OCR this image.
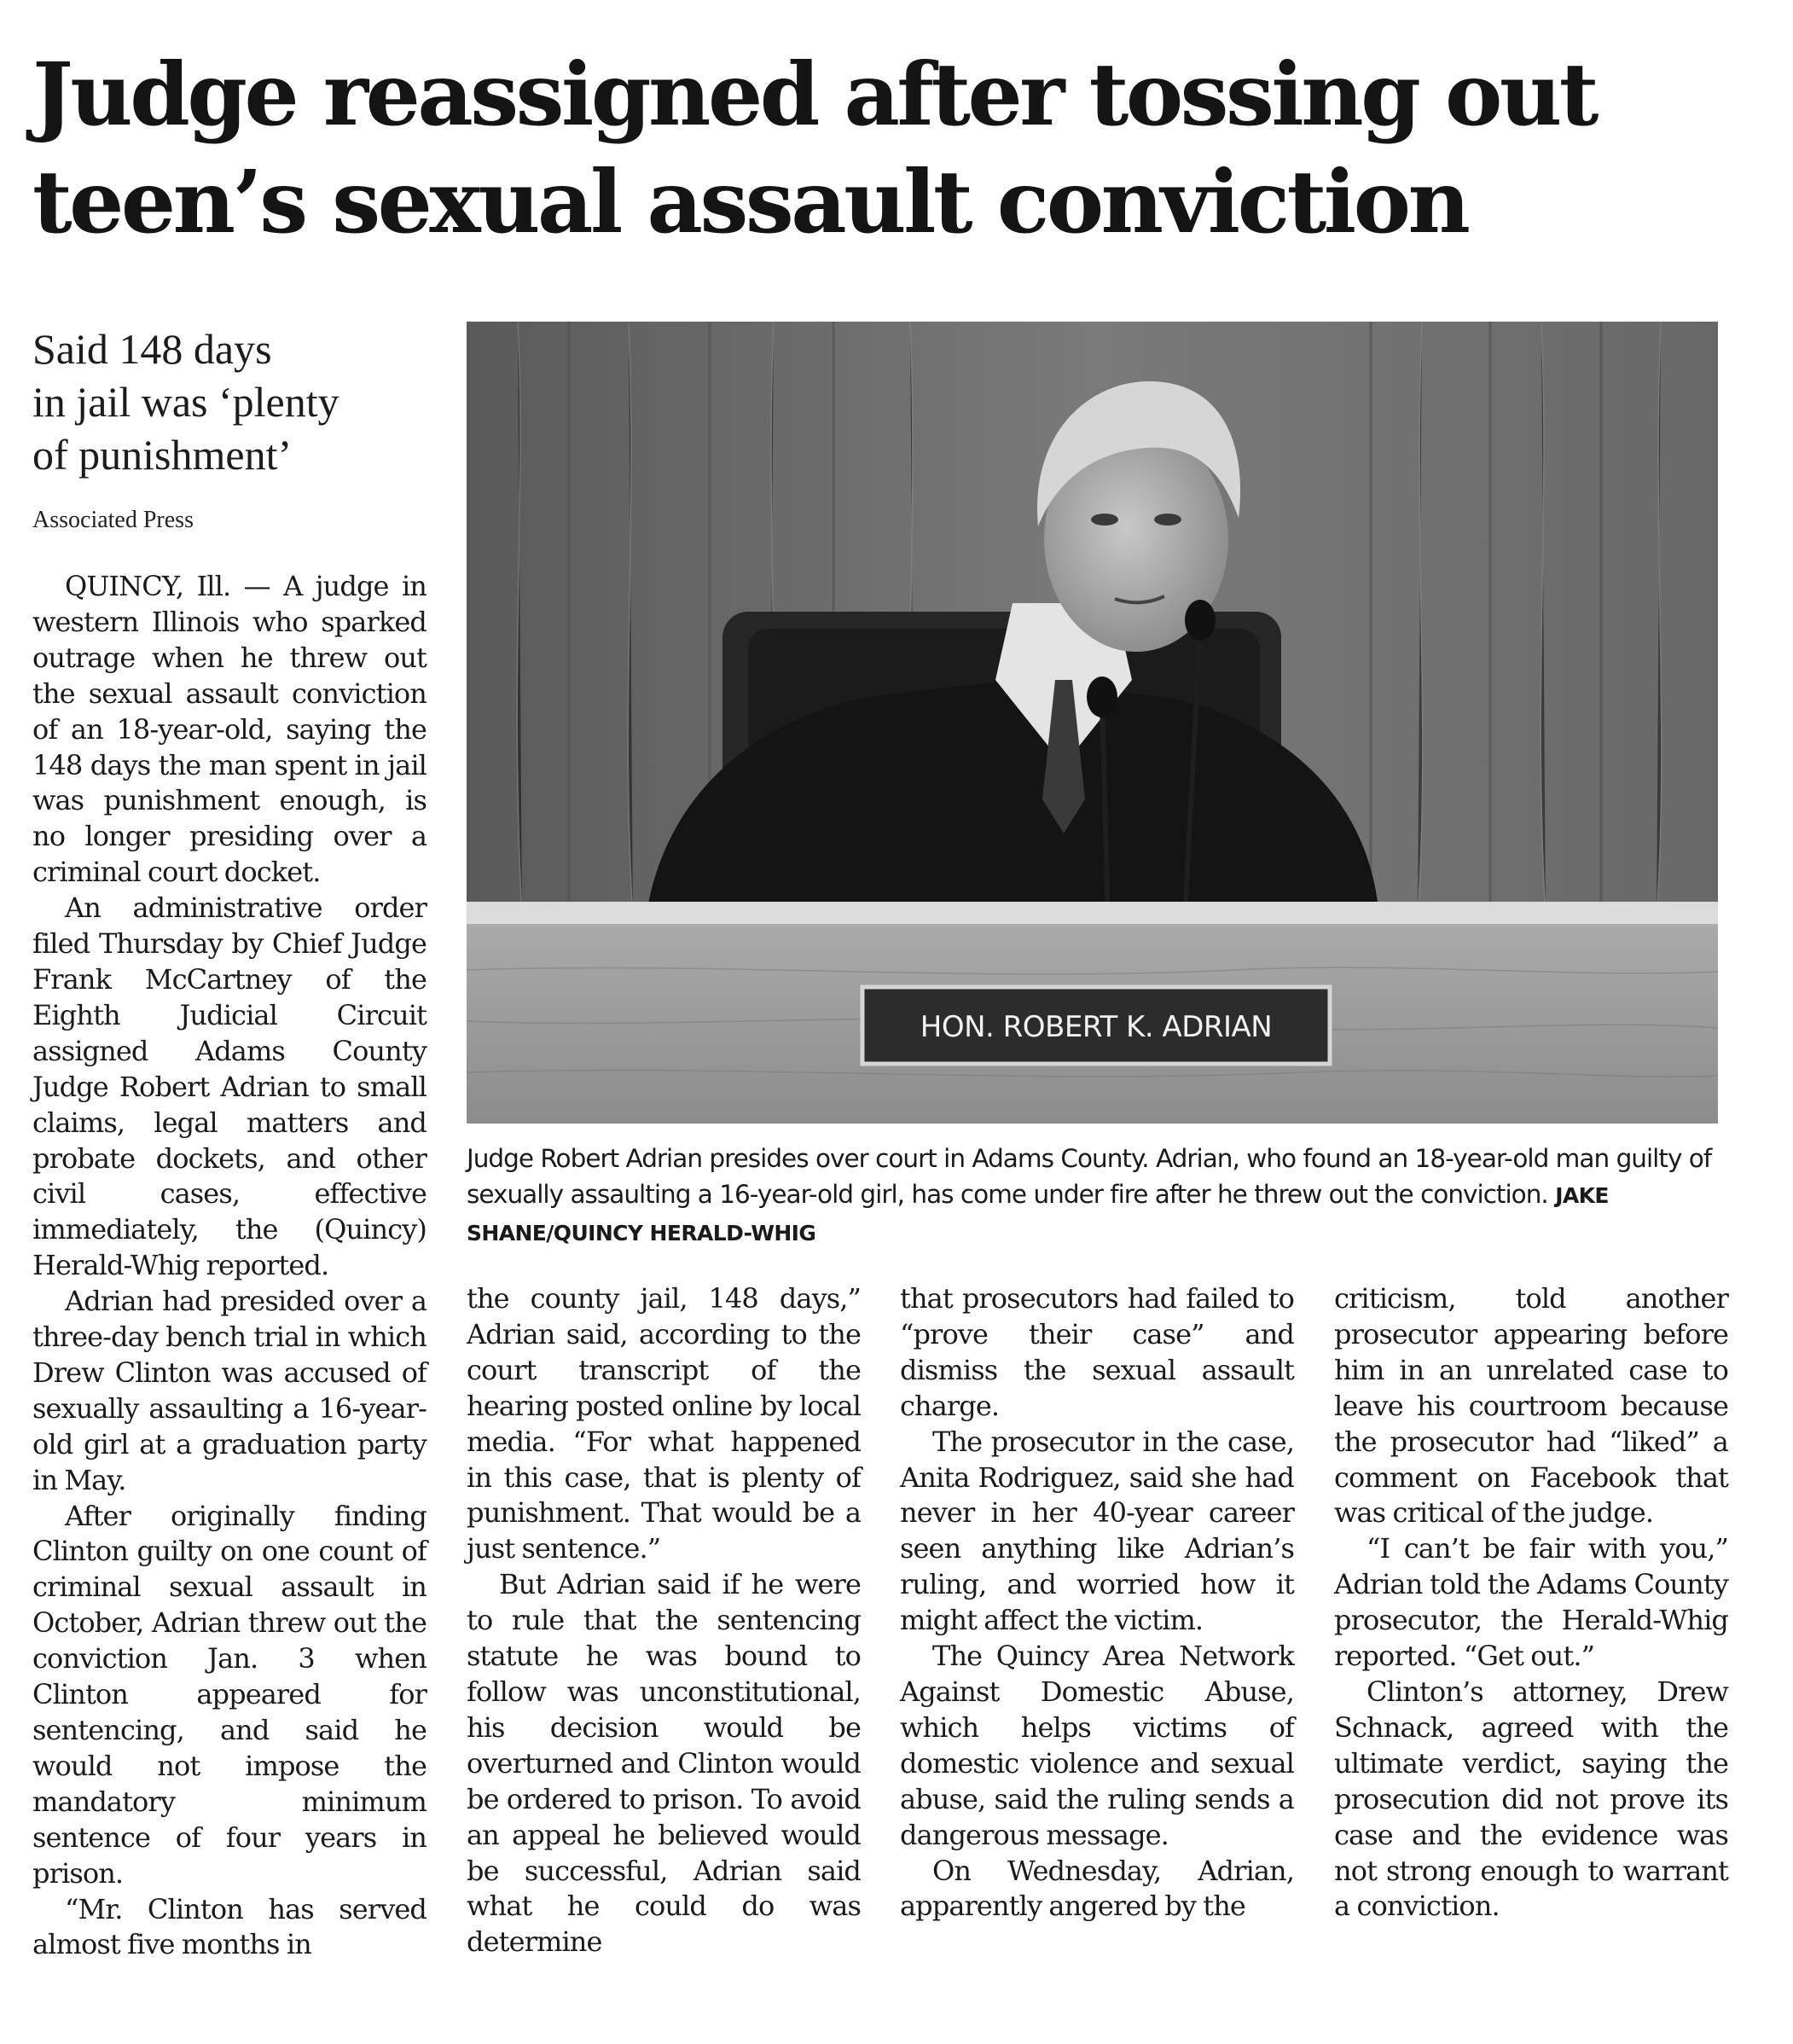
Judge reassigned after tossing out
teen’s sexual assault conviction
Said 148 days
in jail was ‘plenty
of punishment’
Associated Press

QUINCY, Ill. — A judge in western Illinois who sparked outrage when he threw out the sexual assault conviction of an 18-year-old, saying the 148 days the man spent in jail was punishment enough, is no longer presiding over a criminal court docket.

An administrative order filed Thursday by Chief Judge Frank McCartney of the Eighth Judicial Circuit assigned Adams County Judge Robert Adrian to small claims, legal matters and probate dockets, and other civil cases, effective immediately, the (Quincy) Herald-Whig reported.

Adrian had presided over a three-day bench trial in which Drew Clinton was accused of sexually assaulting a 16-year-old girl at a graduation party in May.

After originally finding Clinton guilty on one count of criminal sexual assault in October, Adrian threw out the conviction Jan. 3 when Clinton appeared for sentencing, and said he would not impose the mandatory minimum sentence of four years in prison.

“Mr. Clinton has served almost five months in

HON. ROBERT K. ADRIAN
Judge Robert Adrian presides over court in Adams County. Adrian, who found an 18-year-old man guilty of sexually assaulting a 16-year-old girl, has come under fire after he threw out the conviction. JAKE SHANE/QUINCY HERALD-WHIG

the county jail, 148 days,” Adrian said, according to the court transcript of the hearing posted online by local media. “For what happened in this case, that is plenty of punishment. That would be a just sentence.”

But Adrian said if he were to rule that the sentencing statute he was bound to follow was unconstitutional, his decision would be overturned and Clinton would be ordered to prison. To avoid an appeal he believed would be successful, Adrian said what he could do was determine

that prosecutors had failed to “prove their case” and dismiss the sexual assault charge.

The prosecutor in the case, Anita Rodriguez, said she had never in her 40-year career seen anything like Adrian’s ruling, and worried how it might affect the victim.

The Quincy Area Network Against Domestic Abuse, which helps victims of domestic violence and sexual abuse, said the ruling sends a dangerous message.

On Wednesday, Adrian, apparently angered by the

criticism, told another prosecutor appearing before him in an unrelated case to leave his courtroom because the prosecutor had “liked” a comment on Facebook that was critical of the judge.

“I can’t be fair with you,” Adrian told the Adams County prosecutor, the Herald-Whig reported. “Get out.”

Clinton’s attorney, Drew Schnack, agreed with the ultimate verdict, saying the prosecution did not prove its case and the evidence was not strong enough to warrant a conviction.
